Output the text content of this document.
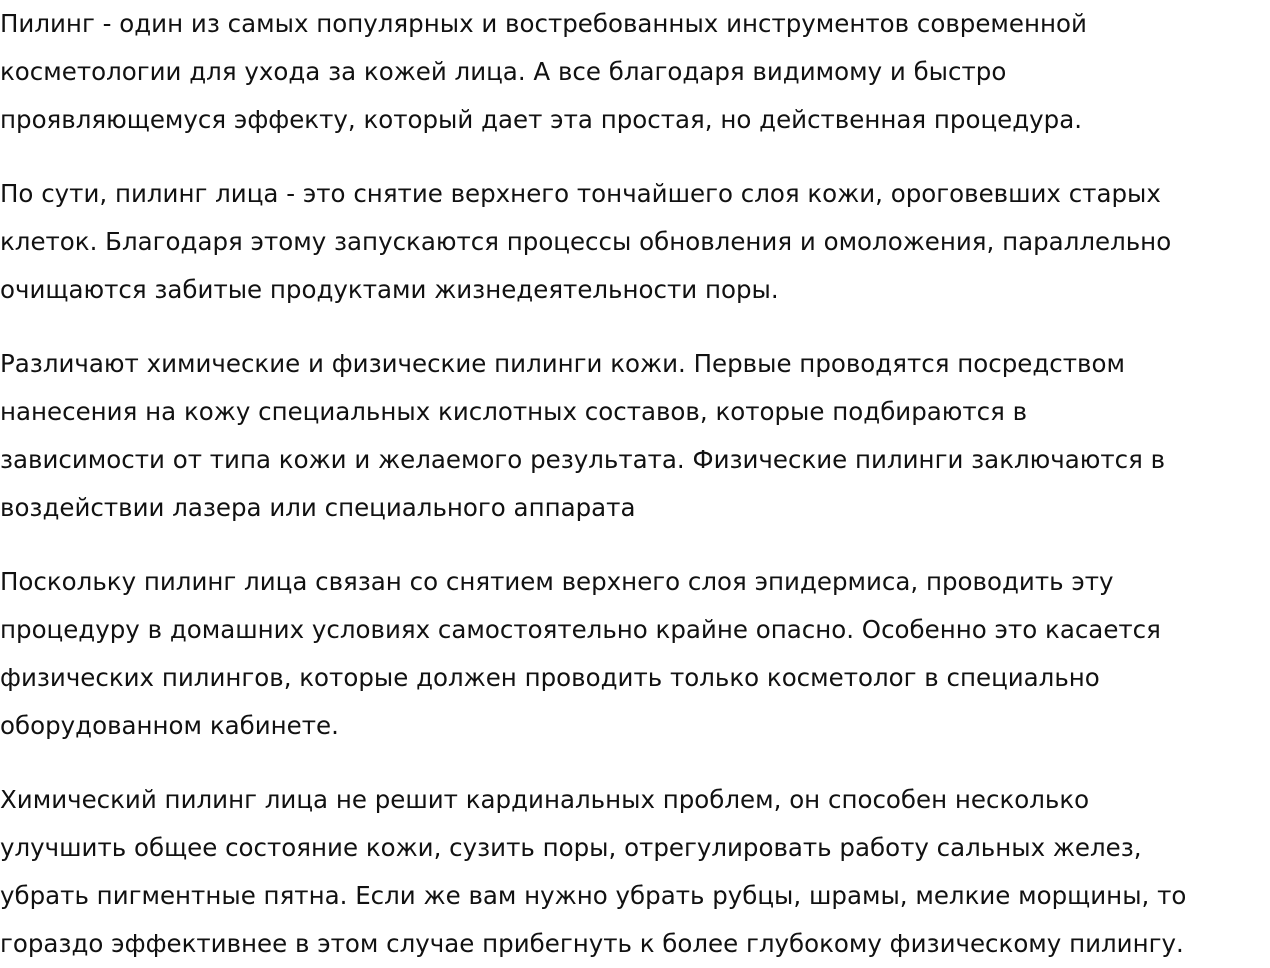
Пилинг - один из самых популярных и востребованных инструментов современной
косметологии для ухода за кожей лица. А все благодаря видимому и быстро
проявляющемуся эффекту, который дает эта простая, но действенная процедура.

По сути, пилинг лица - это снятие верхнего тончайшего слоя кожи, ороговевших старых
клеток. Благодаря этому запускаются процессы обновления и омоложения, параллельно
очищаются забитые продуктами жизнедеятельности поры.

Различают химические и физические пилинги кожи. Первые проводятся посредством
нанесения на кожу специальных кислотных составов, которые подбираются в
зависимости от типа кожи и желаемого результата. Физические пилинги заключаются в
воздействии лазера или специального аппарата

Поскольку пилинг лица связан со снятием верхнего слоя эпидермиса, проводить эту
процедуру в домашних условиях самостоятельно крайне опасно. Особенно это касается
физических пилингов, которые должен проводить только косметолог в специально
оборудованном кабинете.

Химический пилинг лица не решит кардинальных проблем, он способен несколько
улучшить общее состояние кожи, сузить поры, отрегулировать работу сальных желез,
убрать пигментные пятна. Если же вам нужно убрать рубцы, шрамы, мелкие морщины, то
гораздо эффективнее в этом случае прибегнуть к более глубокому физическому пилингу.
